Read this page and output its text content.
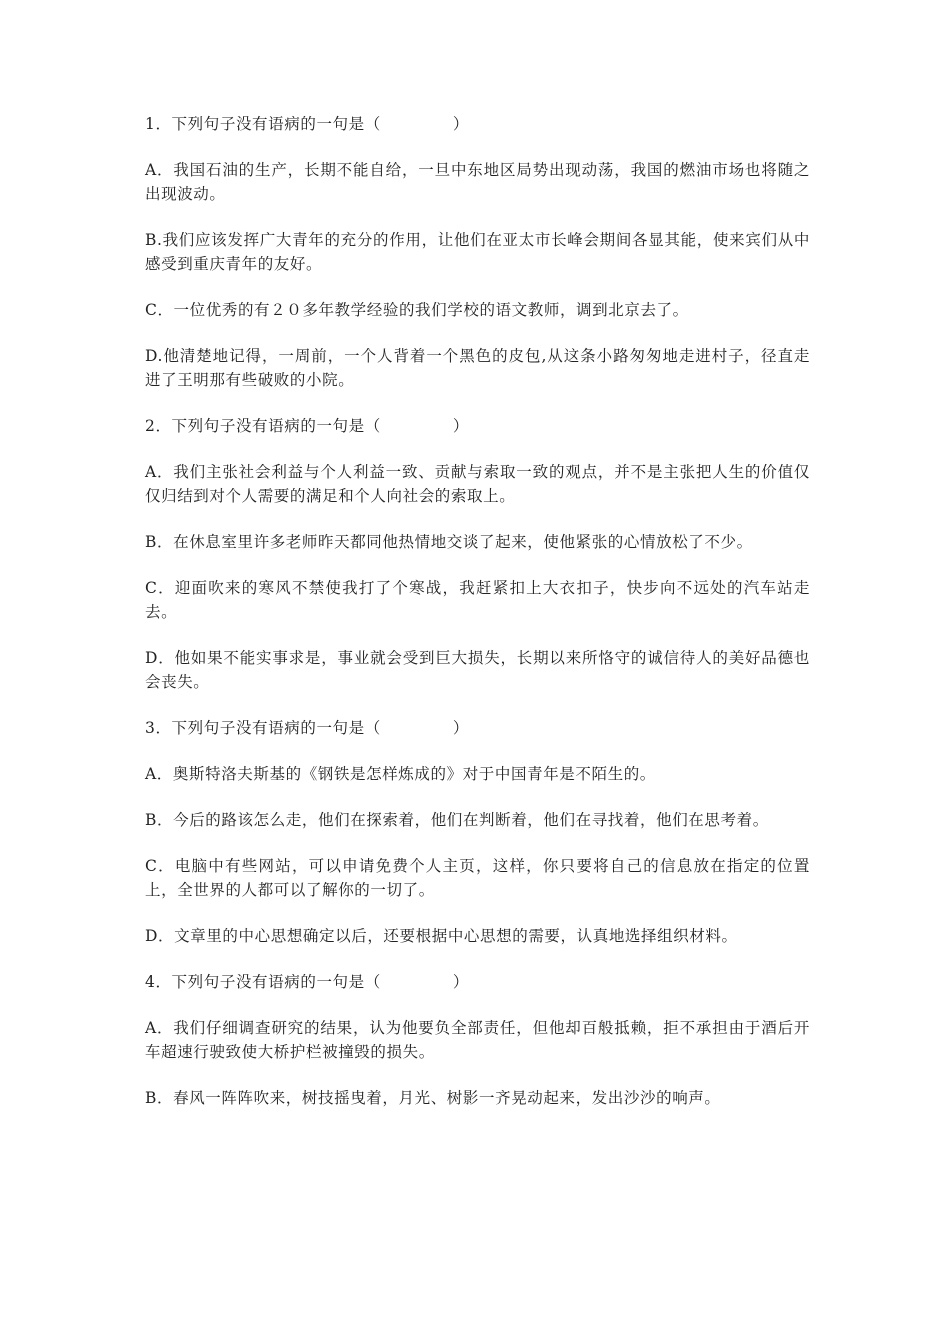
1．下列句子没有语病的一句是（	）

A．我国石油的生产，长期不能自给，一旦中东地区局势出现动荡，我国的燃油市场也将随之出现波动。

B.我们应该发挥广大青年的充分的作用，让他们在亚太市长峰会期间各显其能，使来宾们从中感受到重庆青年的友好。

C．一位优秀的有２０多年教学经验的我们学校的语文教师，调到北京去了。

D.他清楚地记得，一周前，一个人背着一个黑色的皮包,从这条小路匆匆地走进村子，径直走进了王明那有些破败的小院。

2．下列句子没有语病的一句是（	）

A．我们主张社会利益与个人利益一致、贡献与索取一致的观点，并不是主张把人生的价值仅仅归结到对个人需要的满足和个人向社会的索取上。

B．在休息室里许多老师昨天都同他热情地交谈了起来，使他紧张的心情放松了不少。

C．迎面吹来的寒风不禁使我打了个寒战，我赶紧扣上大衣扣子，快步向不远处的汽车站走去。

D．他如果不能实事求是，事业就会受到巨大损失，长期以来所恪守的诚信待人的美好品德也会丧失。

3．下列句子没有语病的一句是（	）

A．奥斯特洛夫斯基的《钢铁是怎样炼成的》对于中国青年是不陌生的。

B．今后的路该怎么走，他们在探索着，他们在判断着，他们在寻找着，他们在思考着。

C．电脑中有些网站，可以申请免费个人主页，这样，你只要将自己的信息放在指定的位置上，全世界的人都可以了解你的一切了。

D．文章里的中心思想确定以后，还要根据中心思想的需要，认真地选择组织材料。

4．下列句子没有语病的一句是（	）

A．我们仔细调查研究的结果，认为他要负全部责任，但他却百般抵赖，拒不承担由于酒后开车超速行驶致使大桥护栏被撞毁的损失。

B．春风一阵阵吹来，树技摇曳着，月光、树影一齐晃动起来，发出沙沙的响声。
